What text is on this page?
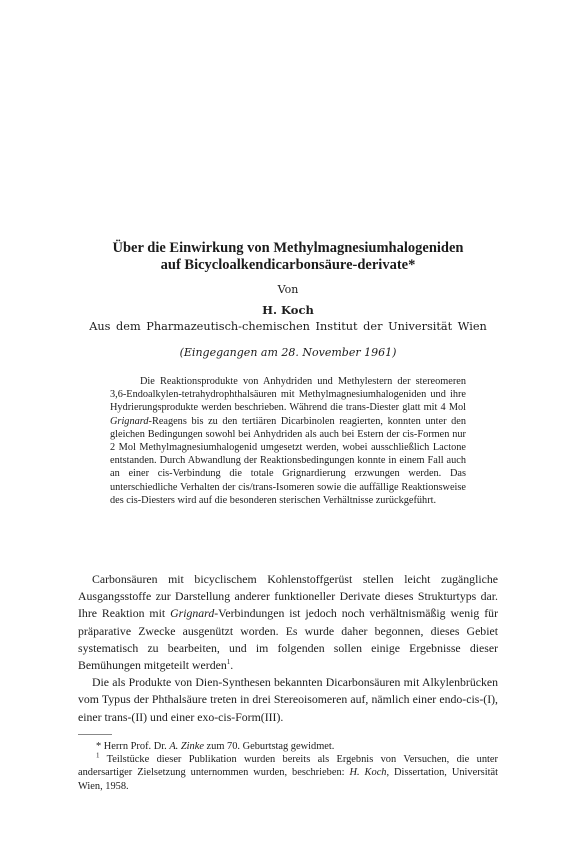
Über die Einwirkung von Methylmagnesiumhalogeniden
auf Bicycloalkendicarbonsäure-derivate*
Von
H. Koch
Aus dem Pharmazeutisch-chemischen Institut der Universität Wien
(Eingegangen am 28. November 1961)
Die Reaktionsprodukte von Anhydriden und Methylestern der stereomeren 3,6-Endoalkylen-tetrahydrophthalsäuren mit Methylmagnesiumhalogeniden und ihre Hydrierungsprodukte werden beschrieben. Während die trans-Diester glatt mit 4 Mol Grignard-Reagens bis zu den tertiären Dicarbinolen reagierten, konnten unter den gleichen Bedingungen sowohl bei Anhydriden als auch bei Estern der cis-Formen nur 2 Mol Methylmagnesiumhalogenid umgesetzt werden, wobei ausschließlich Lactone entstanden. Durch Abwandlung der Reaktionsbedingungen konnte in einem Fall auch an einer cis-Verbindung die totale Grignardierung erzwungen werden. Das unterschiedliche Verhalten der cis/trans-Isomeren sowie die auffällige Reaktionsweise des cis-Diesters wird auf die besonderen sterischen Verhältnisse zurückgeführt.

Carbonsäuren mit bicyclischem Kohlenstoffgerüst stellen leicht zugängliche Ausgangsstoffe zur Darstellung anderer funktioneller Derivate dieses Strukturtyps dar. Ihre Reaktion mit Grignard-Verbindungen ist jedoch noch verhältnismäßig wenig für präparative Zwecke ausgenützt worden. Es wurde daher begonnen, dieses Gebiet systematisch zu bearbeiten, und im folgenden sollen einige Ergebnisse dieser Bemühungen mitgeteilt werden$^1$.

Die als Produkte von Dien-Synthesen bekannten Dicarbonsäuren mit Alkylenbrücken vom Typus der Phthalsäure treten in drei Stereoisomeren auf, nämlich einer endo-cis-(I), einer trans-(II) und einer exo-cis-Form(III).

* Herrn Prof. Dr. A. Zinke zum 70. Geburtstag gewidmet.

$^1$ Teilstücke dieser Publikation wurden bereits als Ergebnis von Versuchen, die unter andersartiger Zielsetzung unternommen wurden, beschrieben: H. Koch, Dissertation, Universität Wien, 1958.
